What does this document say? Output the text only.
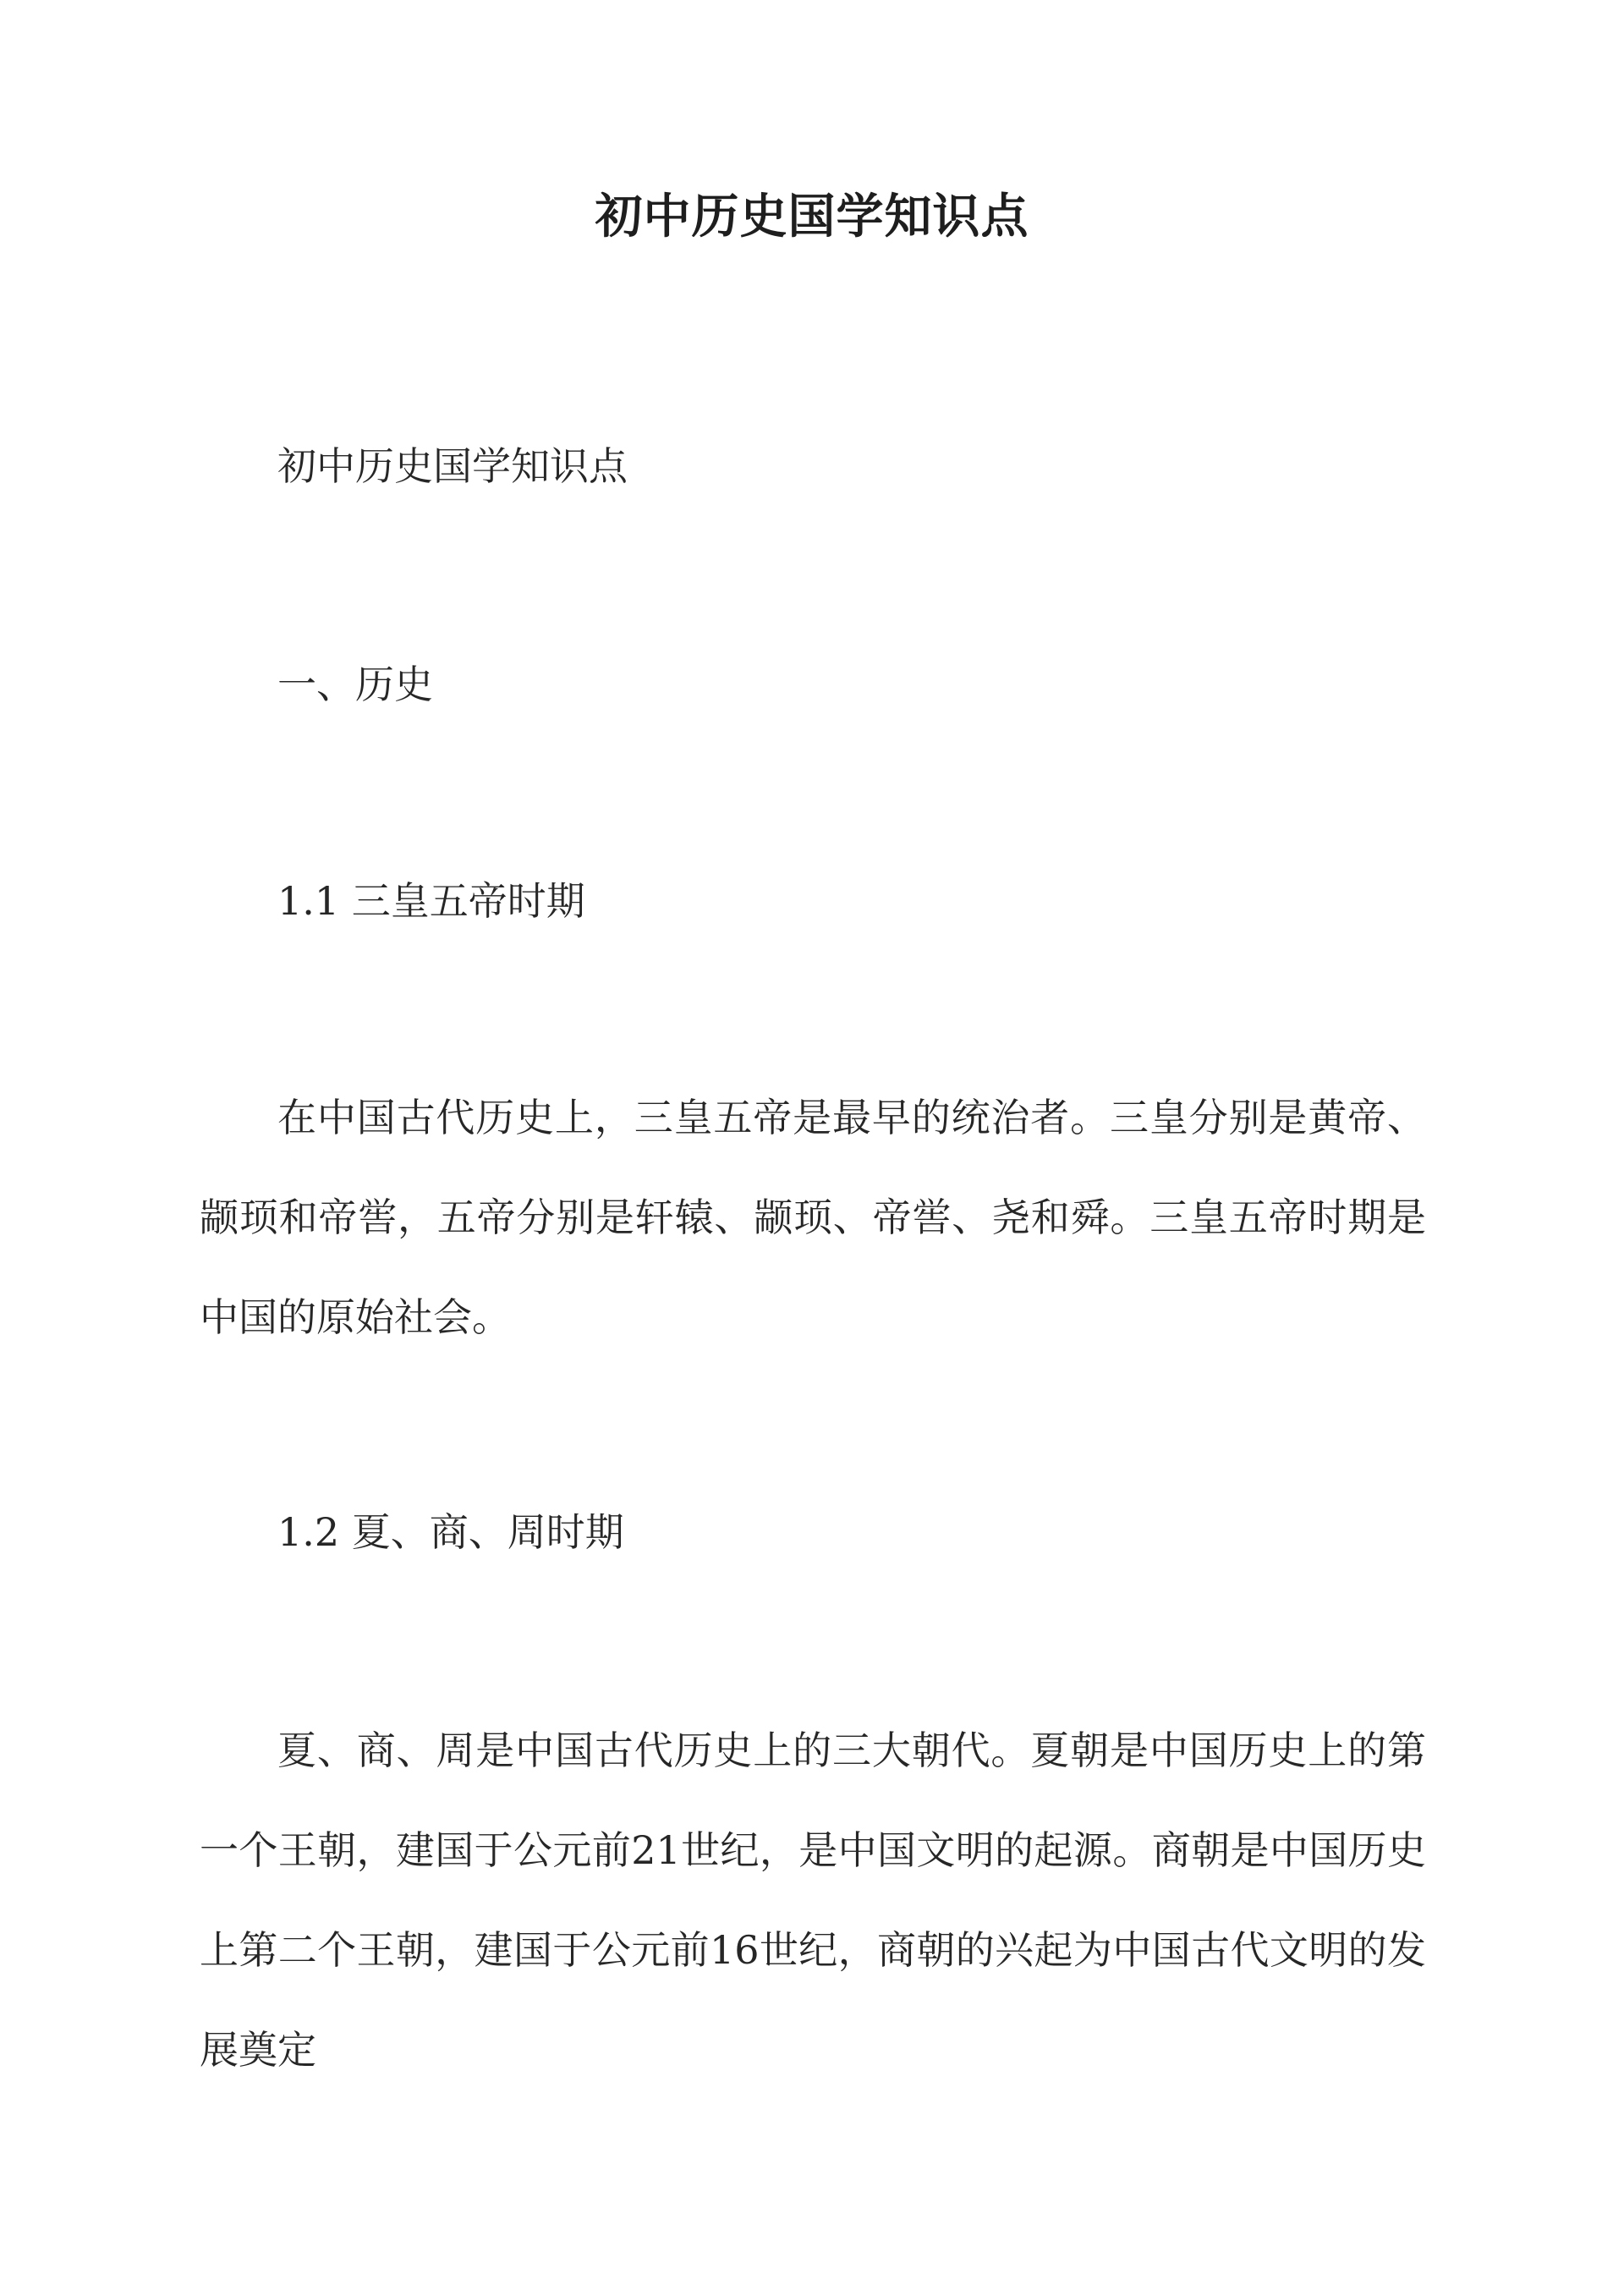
初中历史国学知识点
初中历史国学知识点
一、历史
1.1 三皇五帝时期
在中国古代历史上，三皇五帝是最早的统治者。三皇分别是黄帝、颛顼和帝喾，五帝分别是轩辕、颛顼、帝喾、尧和舜。三皇五帝时期是中国的原始社会。
1.2 夏、商、周时期
夏、商、周是中国古代历史上的三大朝代。夏朝是中国历史上的第一个王朝，建国于公元前21世纪，是中国文明的起源。商朝是中国历史上第二个王朝，建国于公元前16世纪，商朝的兴起为中国古代文明的发展奠定
